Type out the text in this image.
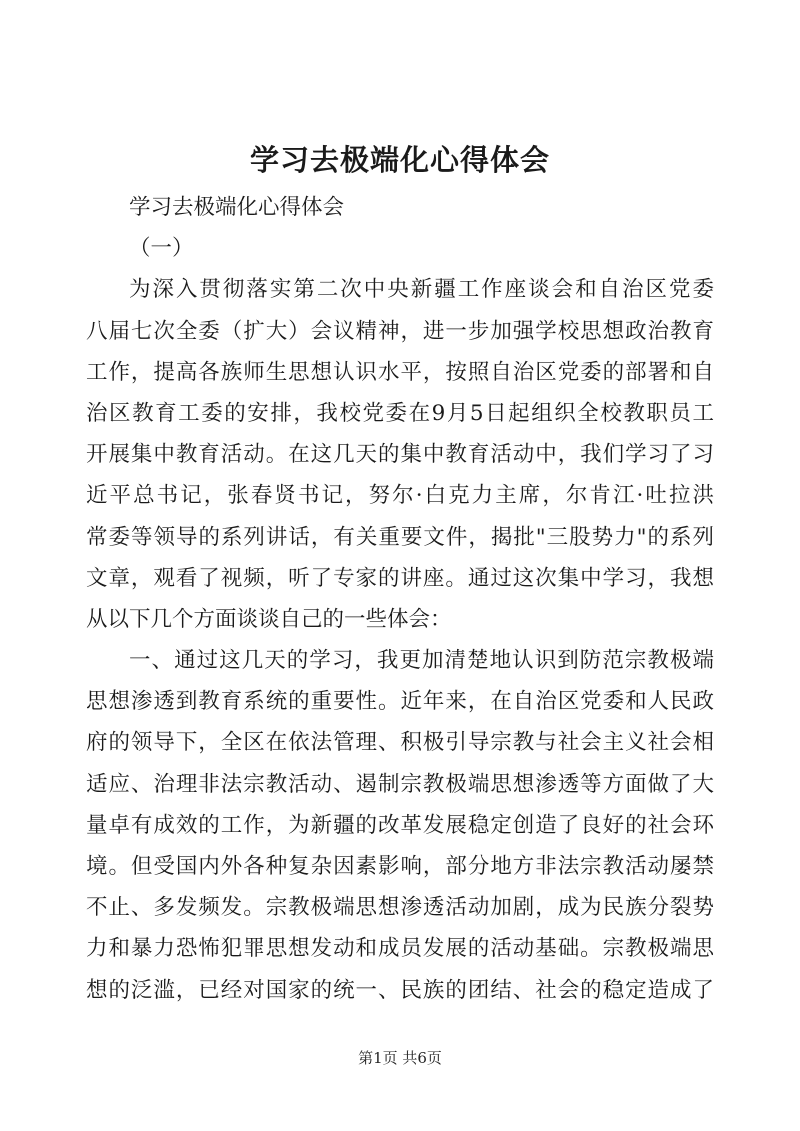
学习去极端化心得体会
学习去极端化心得体会
（一）
为深入贯彻落实第二次中央新疆工作座谈会和自治区党委
八届七次全委（扩大）会议精神，进一步加强学校思想政治教育
工作，提高各族师生思想认识水平，按照自治区党委的部署和自
治区教育工委的安排，我校党委在9月5日起组织全校教职员工
开展集中教育活动。在这几天的集中教育活动中，我们学习了习
近平总书记，张春贤书记，努尔·白克力主席，尔肯江·吐拉洪
常委等领导的系列讲话，有关重要文件，揭批"三股势力"的系列
文章，观看了视频，听了专家的讲座。通过这次集中学习，我想
从以下几个方面谈谈自己的一些体会：
一、通过这几天的学习，我更加清楚地认识到防范宗教极端
思想渗透到教育系统的重要性。近年来，在自治区党委和人民政
府的领导下，全区在依法管理、积极引导宗教与社会主义社会相
适应、治理非法宗教活动、遏制宗教极端思想渗透等方面做了大
量卓有成效的工作，为新疆的改革发展稳定创造了良好的社会环
境。但受国内外各种复杂因素影响，部分地方非法宗教活动屡禁
不止、多发频发。宗教极端思想渗透活动加剧，成为民族分裂势
力和暴力恐怖犯罪思想发动和成员发展的活动基础。宗教极端思
想的泛滥，已经对国家的统一、民族的团结、社会的稳定造成了
第1页 共6页
